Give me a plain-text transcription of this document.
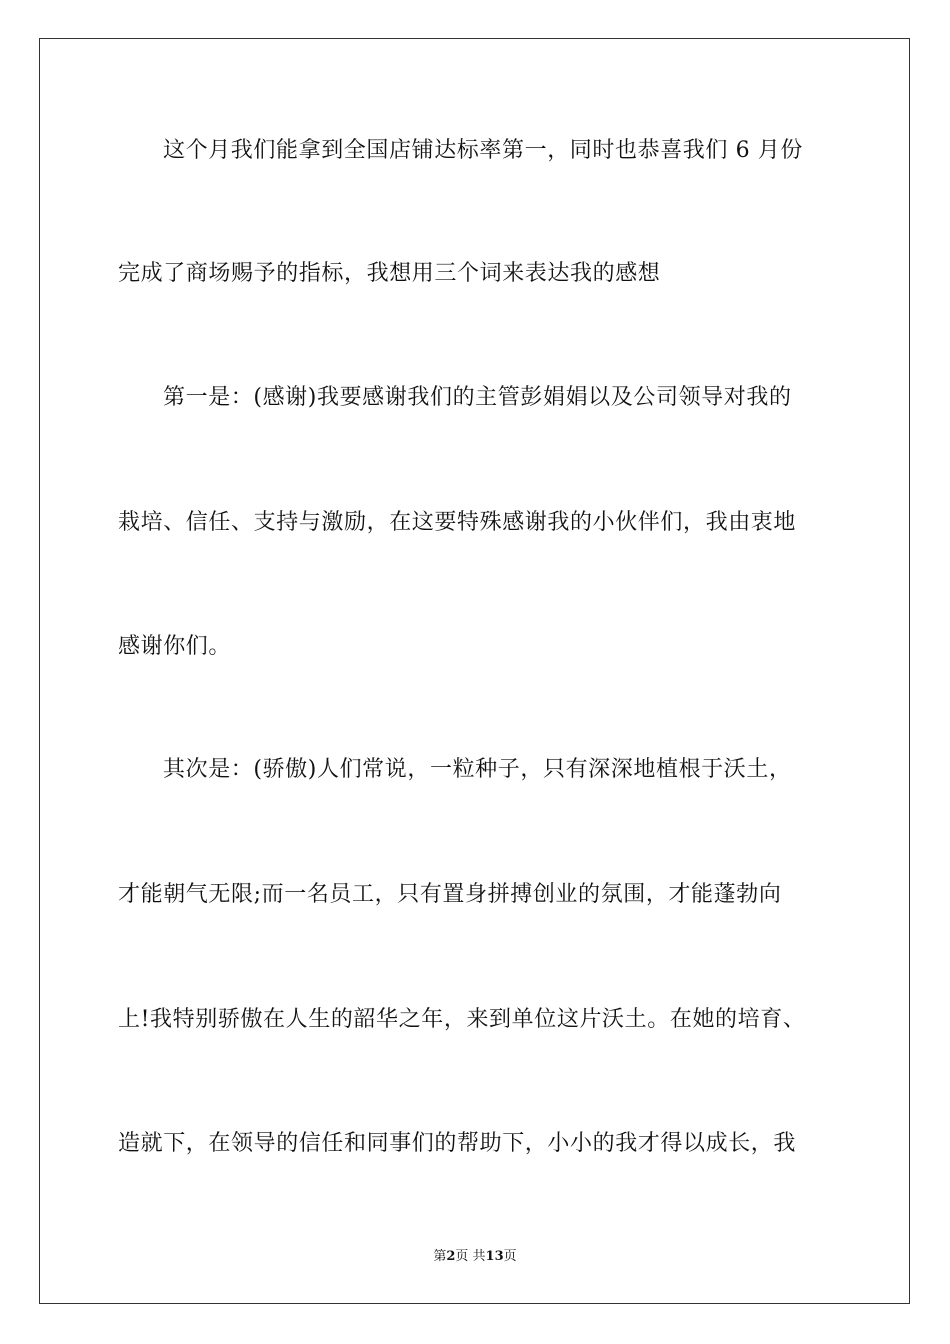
这个月我们能拿到全国店铺达标率第一，同时也恭喜我们 6 月份
完成了商场赐予的指标，我想用三个词来表达我的感想
第一是：(感谢)我要感谢我们的主管彭娟娟以及公司领导对我的
栽培、信任、支持与激励，在这要特殊感谢我的小伙伴们，我由衷地
感谢你们。
其次是：(骄傲)人们常说，一粒种子，只有深深地植根于沃土，
才能朝气无限;而一名员工，只有置身拼搏创业的氛围，才能蓬勃向
上!我特别骄傲在人生的韶华之年，来到单位这片沃土。在她的培育、
造就下，在领导的信任和同事们的帮助下，小小的我才得以成长，我
第2页 共13页
